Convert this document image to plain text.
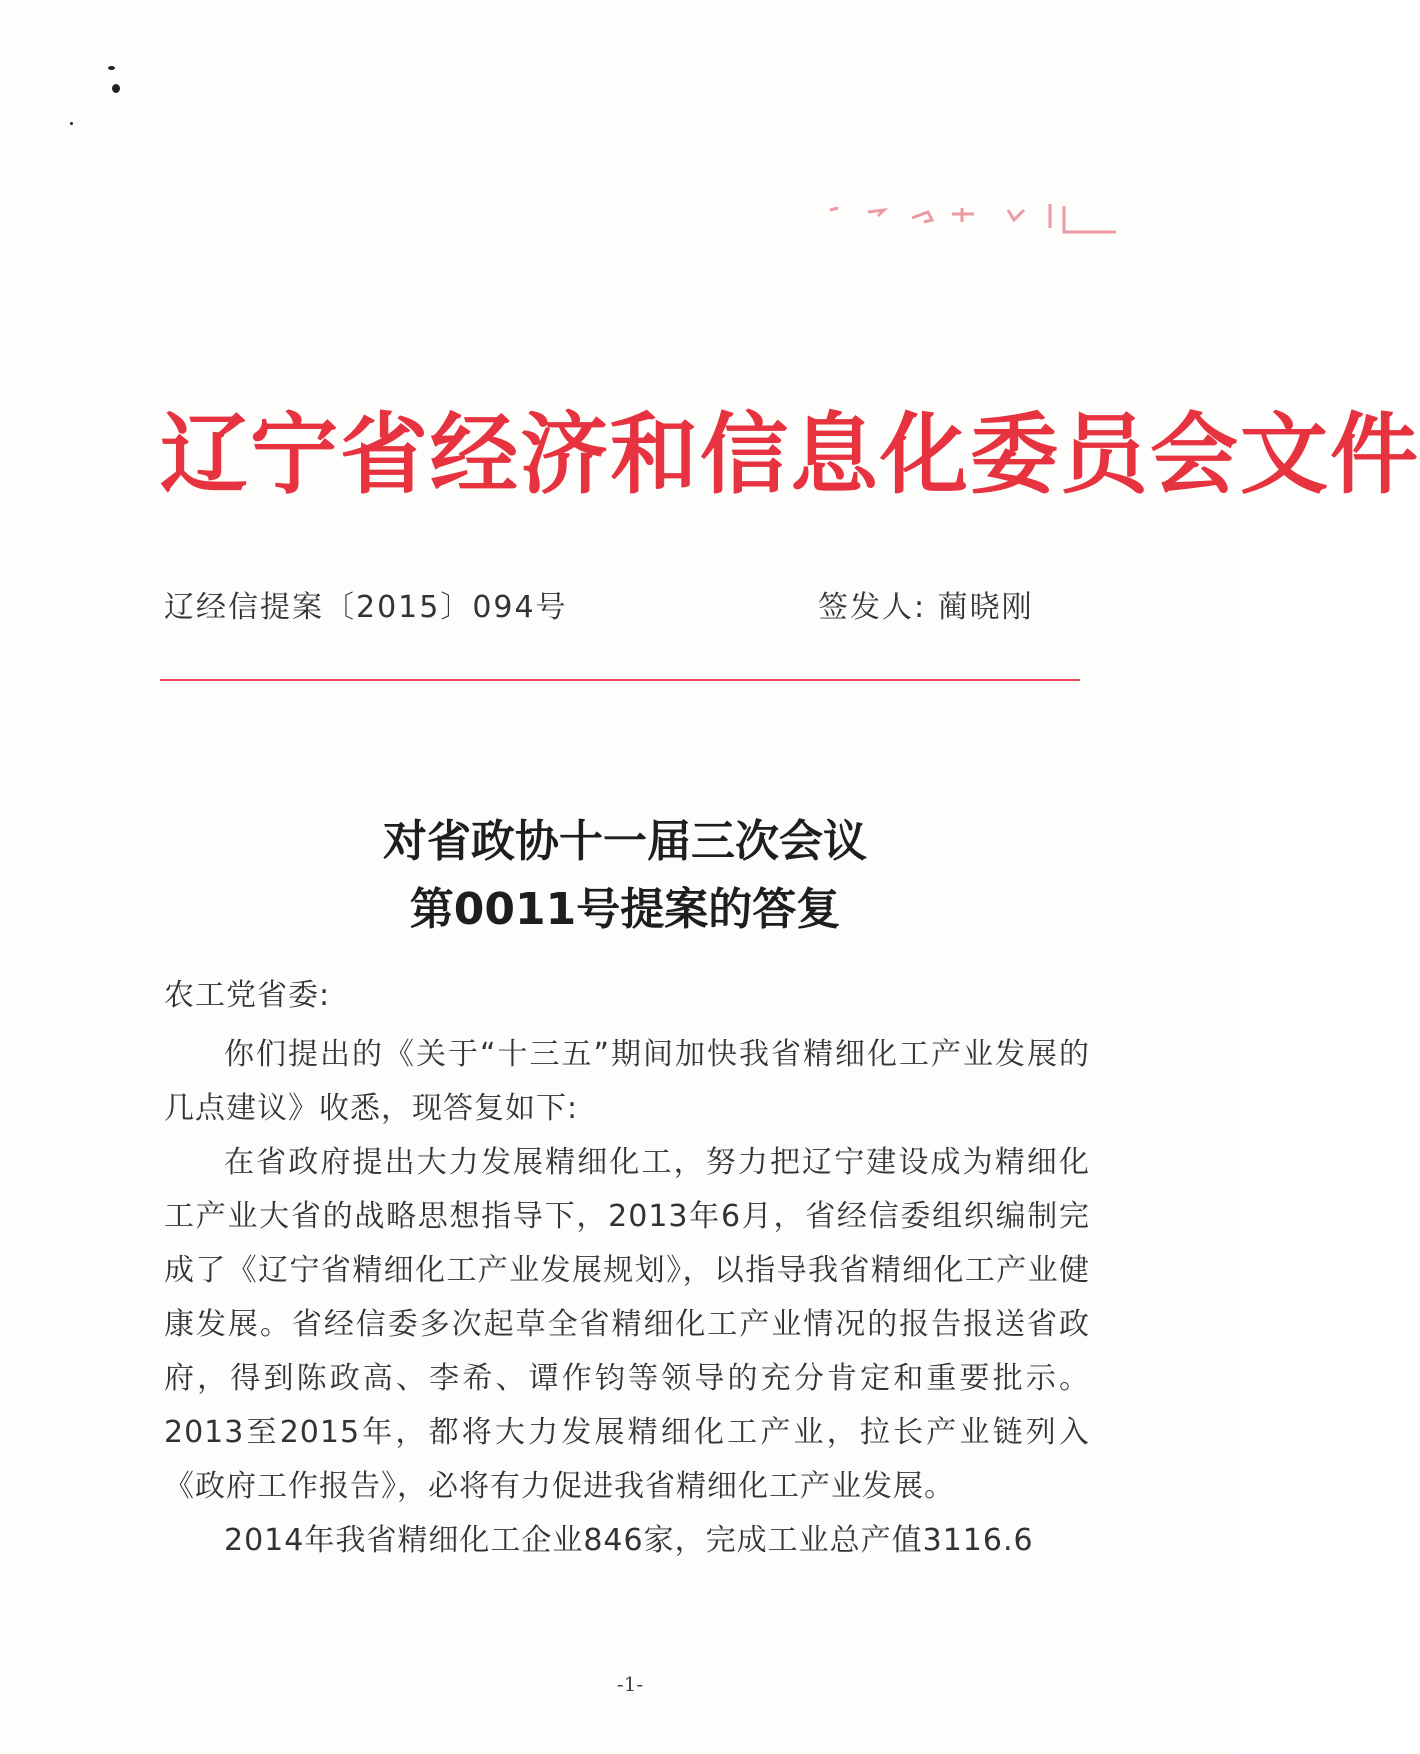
辽宁省经济和信息化委员会文件
辽经信提案〔2015〕094号	签发人: 蔺晓刚
对省政协十一届三次会议
第0011号提案的答复
农工党省委:

你们提出的《关于“十三五”期间加快我省精细化工产业发展的几点建议》收悉，现答复如下:

在省政府提出大力发展精细化工，努力把辽宁建设成为精细化工产业大省的战略思想指导下，2013年6月，省经信委组织编制完成了《辽宁省精细化工产业发展规划》，以指导我省精细化工产业健康发展。省经信委多次起草全省精细化工产业情况的报告报送省政府，得到陈政高、李希、谭作钧等领导的充分肯定和重要批示。2013至2015年，都将大力发展精细化工产业，拉长产业链列入《政府工作报告》，必将有力促进我省精细化工产业发展。

2014年我省精细化工企业846家，完成工业总产值3116.6

-1-
